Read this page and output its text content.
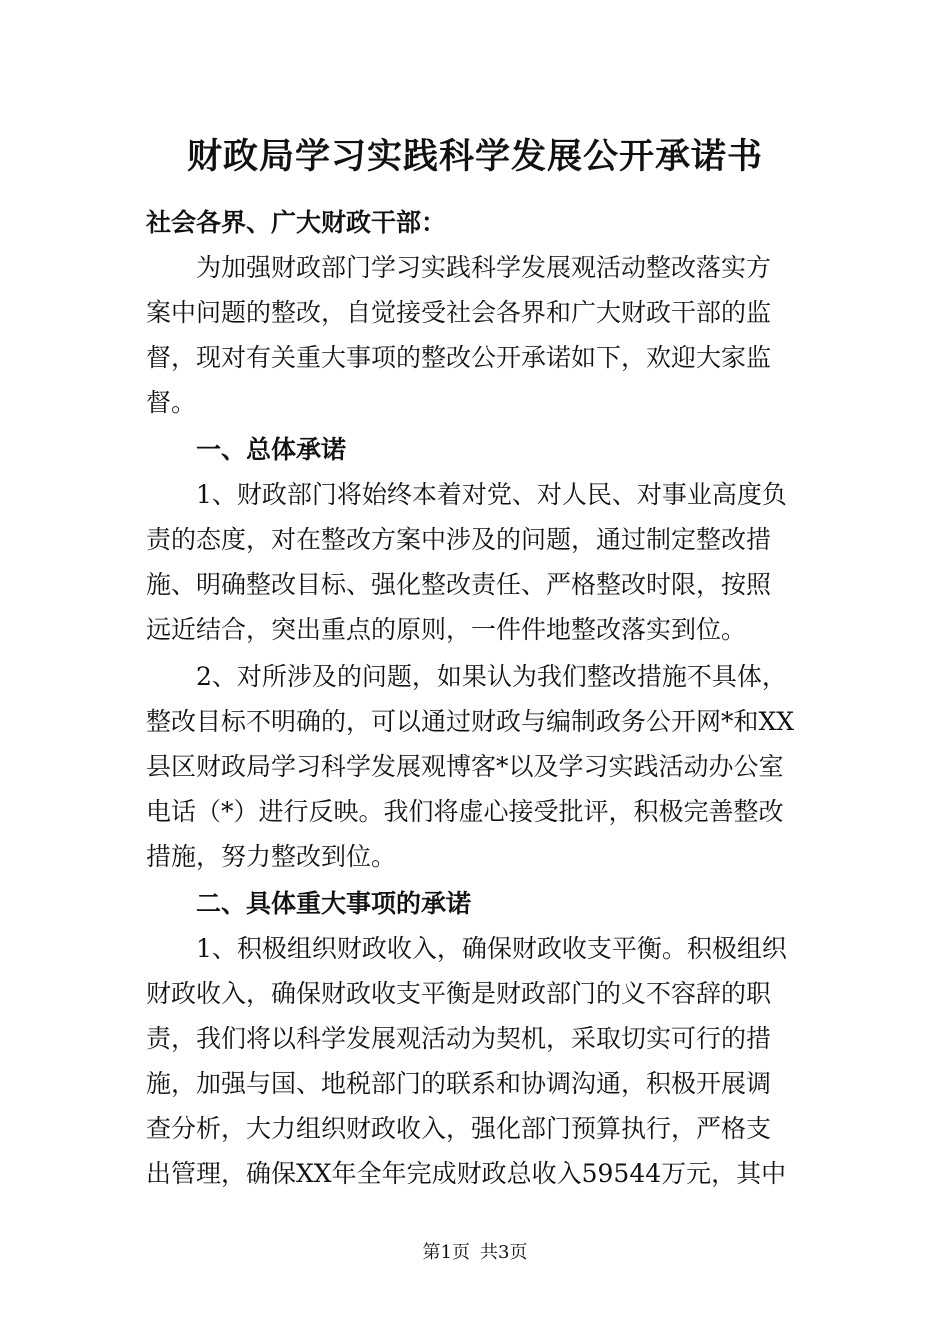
财政局学习实践科学发展公开承诺书
社会各界、广大财政干部：
为加强财政部门学习实践科学发展观活动整改落实方
案中问题的整改，自觉接受社会各界和广大财政干部的监
督，现对有关重大事项的整改公开承诺如下，欢迎大家监
督。
一、总体承诺
1、财政部门将始终本着对党、对人民、对事业高度负
责的态度，对在整改方案中涉及的问题，通过制定整改措
施、明确整改目标、强化整改责任、严格整改时限，按照
远近结合，突出重点的原则，一件件地整改落实到位。
2、对所涉及的问题，如果认为我们整改措施不具体，
整改目标不明确的，可以通过财政与编制政务公开网*和XX
县区财政局学习科学发展观博客*以及学习实践活动办公室
电话（*）进行反映。我们将虚心接受批评，积极完善整改
措施，努力整改到位。
二、具体重大事项的承诺
1、积极组织财政收入，确保财政收支平衡。积极组织
财政收入，确保财政收支平衡是财政部门的义不容辞的职
责，我们将以科学发展观活动为契机，采取切实可行的措
施，加强与国、地税部门的联系和协调沟通，积极开展调
查分析，大力组织财政收入，强化部门预算执行，严格支
出管理，确保XX年全年完成财政总收入59544万元，其中
第1页 共3页
